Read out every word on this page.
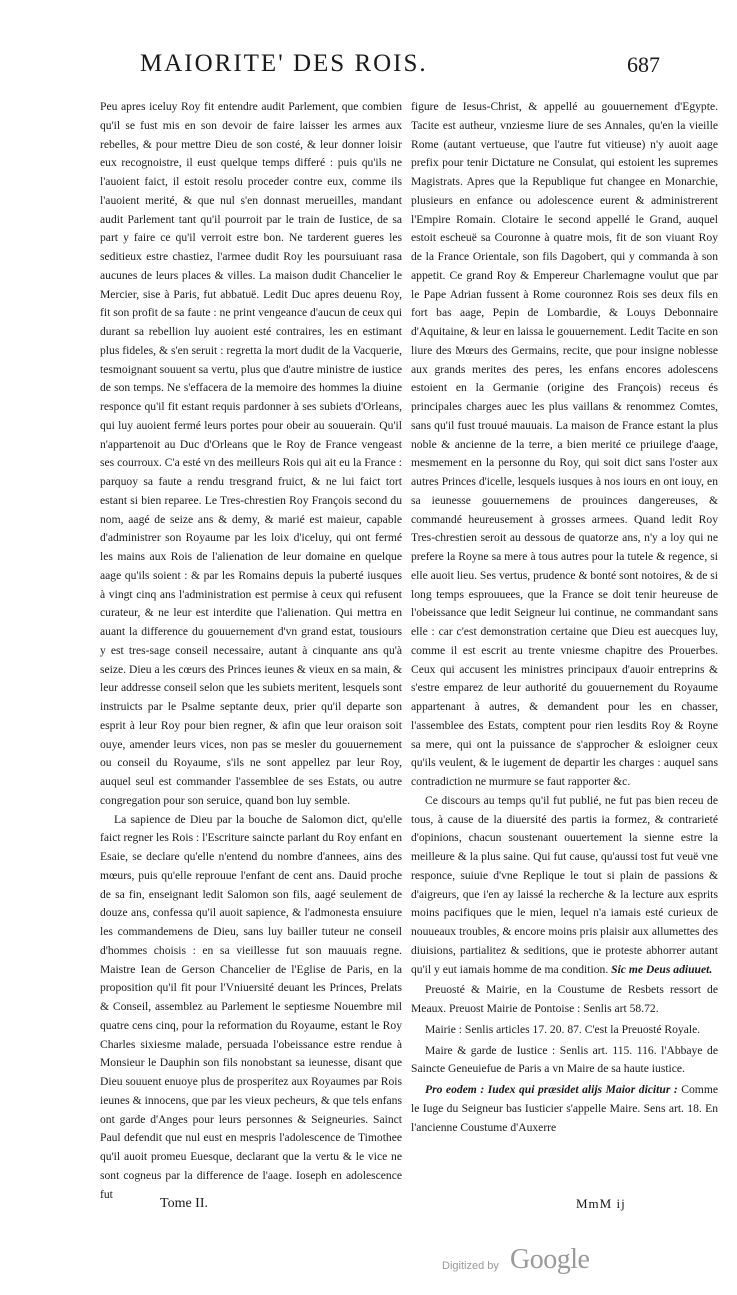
MAIORITE' DES ROIS.	687

Peu apres iceluy Roy fit entendre audit Parlement, que combien qu'il se fust mis en son devoir de faire laisser les armes aux rebelles, & pour mettre Dieu de son costé, & leur donner loisir eux recognoistre, il eust quelque temps differé : puis qu'ils ne l'auoient faict, il estoit resolu proceder contre eux, comme ils l'auoient merité, & que nul s'en donnast merueilles, mandant audit Parlement tant qu'il pourroit par le train de Iustice, de sa part y faire ce qu'il verroit estre bon. Ne tarderent gueres les seditieux estre chastiez, l'armee dudit Roy les poursuiuant rasa aucunes de leurs places & villes. La maison dudit Chancelier le Mercier, sise à Paris, fut abbatuë. Ledit Duc apres deuenu Roy, fit son profit de sa faute : ne print vengeance d'aucun de ceux qui durant sa rebellion luy auoient esté contraires, les en estimant plus fideles, & s'en seruit : regretta la mort dudit de la Vacquerie, tesmoignant souuent sa vertu, plus que d'autre ministre de iustice de son temps. Ne s'effacera de la memoire des hommes la diuine responce qu'il fit estant requis pardonner à ses subiets d'Orleans, qui luy auoient fermé leurs portes pour obeir au souuerain. Qu'il n'appartenoit au Duc d'Orleans que le Roy de France vengeast ses courroux. C'a esté vn des meilleurs Rois qui ait eu la France : parquoy sa faute a rendu tresgrand fruict, & ne lui faict tort estant si bien reparee. Le Tres-chrestien Roy François second du nom, aagé de seize ans & demy, & marié est maieur, capable d'administrer son Royaume par les loix d'iceluy, qui ont fermé les mains aux Rois de l'alienation de leur domaine en quelque aage qu'ils soient : & par les Romains depuis la puberté iusques à vingt cinq ans l'administration est permise à ceux qui refusent curateur, & ne leur est interdite que l'alienation. Qui mettra en auant la difference du gouuernement d'vn grand estat, tousiours y est tres-sage conseil necessaire, autant à cinquante ans qu'à seize. Dieu a les cœurs des Princes ieunes & vieux en sa main, & leur addresse conseil selon que les subiets meritent, lesquels sont instruicts par le Psalme septante deux, prier qu'il departe son esprit à leur Roy pour bien regner, & afin que leur oraison soit ouye, amender leurs vices, non pas se mesler du gouuernement ou conseil du Royaume, s'ils ne sont appellez par leur Roy, auquel seul est commander l'assemblee de ses Estats, ou autre congregation pour son seruice, quand bon luy semble.

La sapience de Dieu par la bouche de Salomon dict, qu'elle faict regner les Rois : l'Escriture saincte parlant du Roy enfant en Esaie, se declare qu'elle n'entend du nombre d'annees, ains des mœurs, puis qu'elle reprouue l'enfant de cent ans. Dauid proche de sa fin, enseignant ledit Salomon son fils, aagé seulement de douze ans, confessa qu'il auoit sapience, & l'admonesta ensuiure les commandemens de Dieu, sans luy bailler tuteur ne conseil d'hommes choisis : en sa vieillesse fut son mauuais regne. Maistre Iean de Gerson Chancelier de l'Eglise de Paris, en la proposition qu'il fit pour l'Vniuersité deuant les Princes, Prelats & Conseil, assemblez au Parlement le septiesme Nouembre mil quatre cens cinq, pour la reformation du Royaume, estant le Roy Charles sixiesme malade, persuada l'obeissance estre rendue à Monsieur le Dauphin son fils nonobstant sa ieunesse, disant que Dieu souuent enuoye plus de prosperitez aux Royaumes par Rois ieunes & innocens, que par les vieux pecheurs, & que tels enfans ont garde d'Anges pour leurs personnes & Seigneuries. Sainct Paul defendit que nul eust en mespris l'adolescence de Timothee qu'il auoit promeu Euesque, declarant que la vertu & le vice ne sont cogneus par la difference de l'aage. Ioseph en adolescence fut

figure de Iesus-Christ, & appellé au gouuernement d'Egypte. Tacite est autheur, vnziesme liure de ses Annales, qu'en la vieille Rome (autant vertueuse, que l'autre fut vitieuse) n'y auoit aage prefix pour tenir Dictature ne Consulat, qui estoient les supremes Magistrats. Apres que la Republique fut changee en Monarchie, plusieurs en enfance ou adolescence eurent & administrerent l'Empire Romain. Clotaire le second appellé le Grand, auquel estoit escheuë sa Couronne à quatre mois, fit de son viuant Roy de la France Orientale, son fils Dagobert, qui y commanda à son appetit. Ce grand Roy & Empereur Charlemagne voulut que par le Pape Adrian fussent à Rome couronnez Rois ses deux fils en fort bas aage, Pepin de Lombardie, & Louys Debonnaire d'Aquitaine, & leur en laissa le gouuernement. Ledit Tacite en son liure des Mœurs des Germains, recite, que pour insigne noblesse aux grands merites des peres, les enfans encores adolescens estoient en la Germanie (origine des François) receus és principales charges auec les plus vaillans & renommez Comtes, sans qu'il fust trouué mauuais. La maison de France estant la plus noble & ancienne de la terre, a bien merité ce priuilege d'aage, mesmement en la personne du Roy, qui soit dict sans l'oster aux autres Princes d'icelle, lesquels iusques à nos iours en ont iouy, en sa ieunesse gouuernemens de prouinces dangereuses, & commandé heureusement à grosses armees. Quand ledit Roy Tres-chrestien seroit au dessous de quatorze ans, n'y a loy qui ne prefere la Royne sa mere à tous autres pour la tutele & regence, si elle auoit lieu. Ses vertus, prudence & bonté sont notoires, & de si long temps esprouuees, que la France se doit tenir heureuse de l'obeissance que ledit Seigneur lui continue, ne commandant sans elle : car c'est demonstration certaine que Dieu est auecques luy, comme il est escrit au trente vniesme chapitre des Prouerbes. Ceux qui accusent les ministres principaux d'auoir entreprins & s'estre emparez de leur authorité du gouuernement du Royaume appartenant à autres, & demandent pour les en chasser, l'assemblee des Estats, comptent pour rien lesdits Roy & Royne sa mere, qui ont la puissance de s'approcher & esloigner ceux qu'ils veulent, & le iugement de departir les charges : auquel sans contradiction ne murmure se faut rapporter &c.

Ce discours au temps qu'il fut publié, ne fut pas bien receu de tous, à cause de la diuersité des partis ia formez, & contrarieté d'opinions, chacun soustenant ouuertement la sienne estre la meilleure & la plus saine. Qui fut cause, qu'aussi tost fut veuë vne responce, suiuie d'vne Replique le tout si plain de passions & d'aigreurs, que i'en ay laissé la recherche & la lecture aux esprits moins pacifiques que le mien, lequel n'a iamais esté curieux de nouueaux troubles, & encore moins pris plaisir aux allumettes des diuisions, partialitez & seditions, que ie proteste abhorrer autant qu'il y eut iamais homme de ma condition. Sic me Deus adiuuet.

Preuosté & Mairie, en la Coustume de Resbets ressort de Meaux. Preuost Mairie de Pontoise : Senlis art 58.72.

Mairie : Senlis articles 17. 20. 87. C'est la Preuosté Royale.

Maire & garde de Iustice : Senlis art. 115. 116. l'Abbaye de Saincte Geneuiefue de Paris a vn Maire de sa haute iustice.

Pro eodem : Iudex qui præsidet alijs Maior dicitur : Comme le Iuge du Seigneur bas Iusticier s'appelle Maire. Sens art. 18. En l'ancienne Coustume d'Auxerre

Tome II.	MmM ij
Digitized by Google
